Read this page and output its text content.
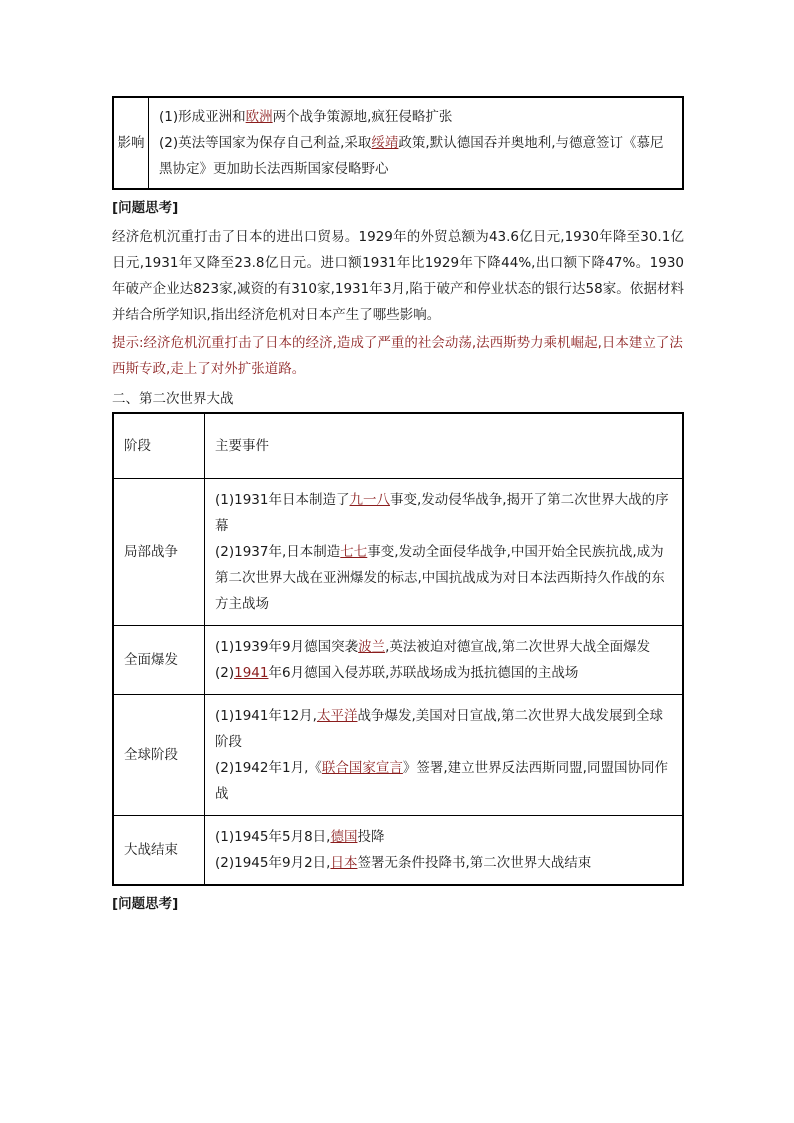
影响	
(1)形成亚洲和欧洲两个战争策源地,疯狂侵略扩张
(2)英法等国家为保存自己利益,采取绥靖政策,默认德国吞并奥地利,与德意签订《慕尼黑协定》更加助长法西斯国家侵略野心
[问题思考]

经济危机沉重打击了日本的进出口贸易。1929年的外贸总额为43.6亿日元,1930年降至30.1亿日元,1931年又降至23.8亿日元。进口额1931年比1929年下降44%,出口额下降47%。1930年破产企业达823家,减资的有310家,1931年3月,陷于破产和停业状态的银行达58家。依据材料并结合所学知识,指出经济危机对日本产生了哪些影响。

提示:经济危机沉重打击了日本的经济,造成了严重的社会动荡,法西斯势力乘机崛起,日本建立了法西斯专政,走上了对外扩张道路。

二、第二次世界大战
阶段	主要事件
局部战争	(1)1931年日本制造了九一八事变,发动侵华战争,揭开了第二次世界大战的序幕
(2)1937年,日本制造七七事变,发动全面侵华战争,中国开始全民族抗战,成为第二次世界大战在亚洲爆发的标志,中国抗战成为对日本法西斯持久作战的东方主战场

全面爆发	(1)1939年9月德国突袭波兰,英法被迫对德宣战,第二次世界大战全面爆发
(2)1941年6月德国入侵苏联,苏联战场成为抵抗德国的主战场

全球阶段	(1)1941年12月,太平洋战争爆发,美国对日宣战,第二次世界大战发展到全球阶段
(2)1942年1月,《联合国家宣言》签署,建立世界反法西斯同盟,同盟国协同作战

大战结束	(1)1945年5月8日,德国投降
(2)1945年9月2日,日本签署无条件投降书,第二次世界大战结束
[问题思考]
